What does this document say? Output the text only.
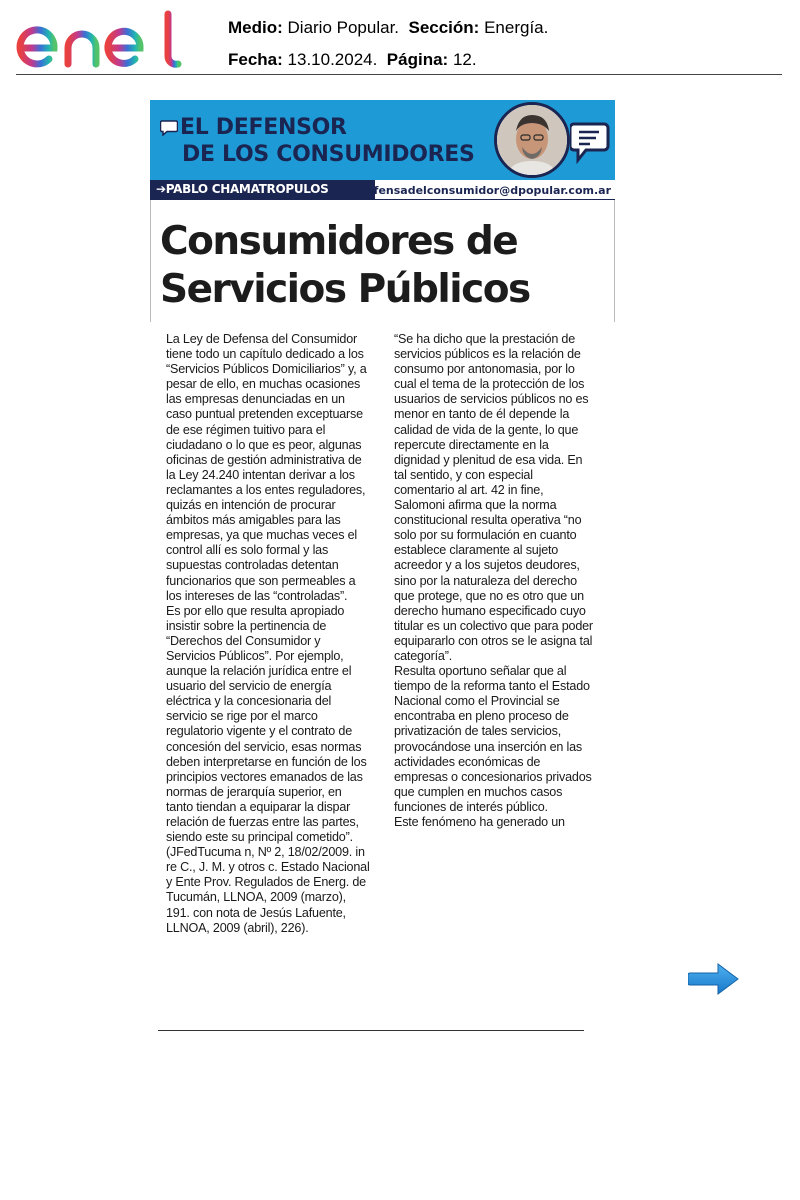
Medio: Diario Popular. Sección: Energía.
Fecha: 13.10.2024. Página: 12.
EL DEFENSOR
DE LOS CONSUMIDORES
➔PABLO CHAMATROPULOS	defensadelconsumidor@dpopular.com.ar
Consumidores de
Servicios Públicos

La Ley de Defensa del Consumidor tiene todo un capítulo dedicado a los “Servicios Públicos Domiciliarios” y, a pesar de ello, en muchas ocasiones las empresas denunciadas en un caso puntual pretenden exceptuarse de ese régimen tuitivo para el ciudadano o lo que es peor, algunas oficinas de gestión administrativa de la Ley 24.240 intentan derivar a los reclamantes a los entes reguladores, quizás en intención de procurar ámbitos más amigables para las empresas, ya que muchas veces el control allí es solo formal y las supuestas controladas detentan funcionarios que son permeables a los intereses de las “controladas”.

Es por ello que resulta apropiado insistir sobre la pertinencia de “Derechos del Consumidor y Servicios Públicos”. Por ejemplo, aunque la relación jurídica entre el usuario del servicio de energía eléctrica y la concesionaria del servicio se rige por el marco regulatorio vigente y el contrato de concesión del servicio, esas normas deben interpretarse en función de los principios vectores emanados de las normas de jerarquía superior, en tanto tiendan a equiparar la dispar relación de fuerzas entre las partes, siendo este su principal cometido”. (JFedTucuma n, Nº 2, 18/02/2009. in re C., J. M. y otros c. Estado Nacional y Ente Prov. Regulados de Energ. de Tucumán, LLNOA, 2009 (marzo), 191. con nota de Jesús Lafuente, LLNOA, 2009 (abril), 226).

“Se ha dicho que la prestación de servicios públicos es la relación de consumo por antonomasia, por lo cual el tema de la protección de los usuarios de servicios públicos no es menor en tanto de él depende la calidad de vida de la gente, lo que repercute directamente en la dignidad y plenitud de esa vida. En tal sentido, y con especial comentario al art. 42 in fine, Salomoni afirma que la norma constitucional resulta operativa “no solo por su formulación en cuanto establece claramente al sujeto acreedor y a los sujetos deudores, sino por la naturaleza del derecho que protege, que no es otro que un derecho humano especificado cuyo titular es un colectivo que para poder equipararlo con otros se le asigna tal categoría”.

Resulta oportuno señalar que al tiempo de la reforma tanto el Estado Nacional como el Provincial se encontraba en pleno proceso de privatización de tales servicios, provocándose una inserción en las actividades económicas de empresas o concesionarios privados que cumplen en muchos casos funciones de interés público.

Este fenómeno ha generado un
